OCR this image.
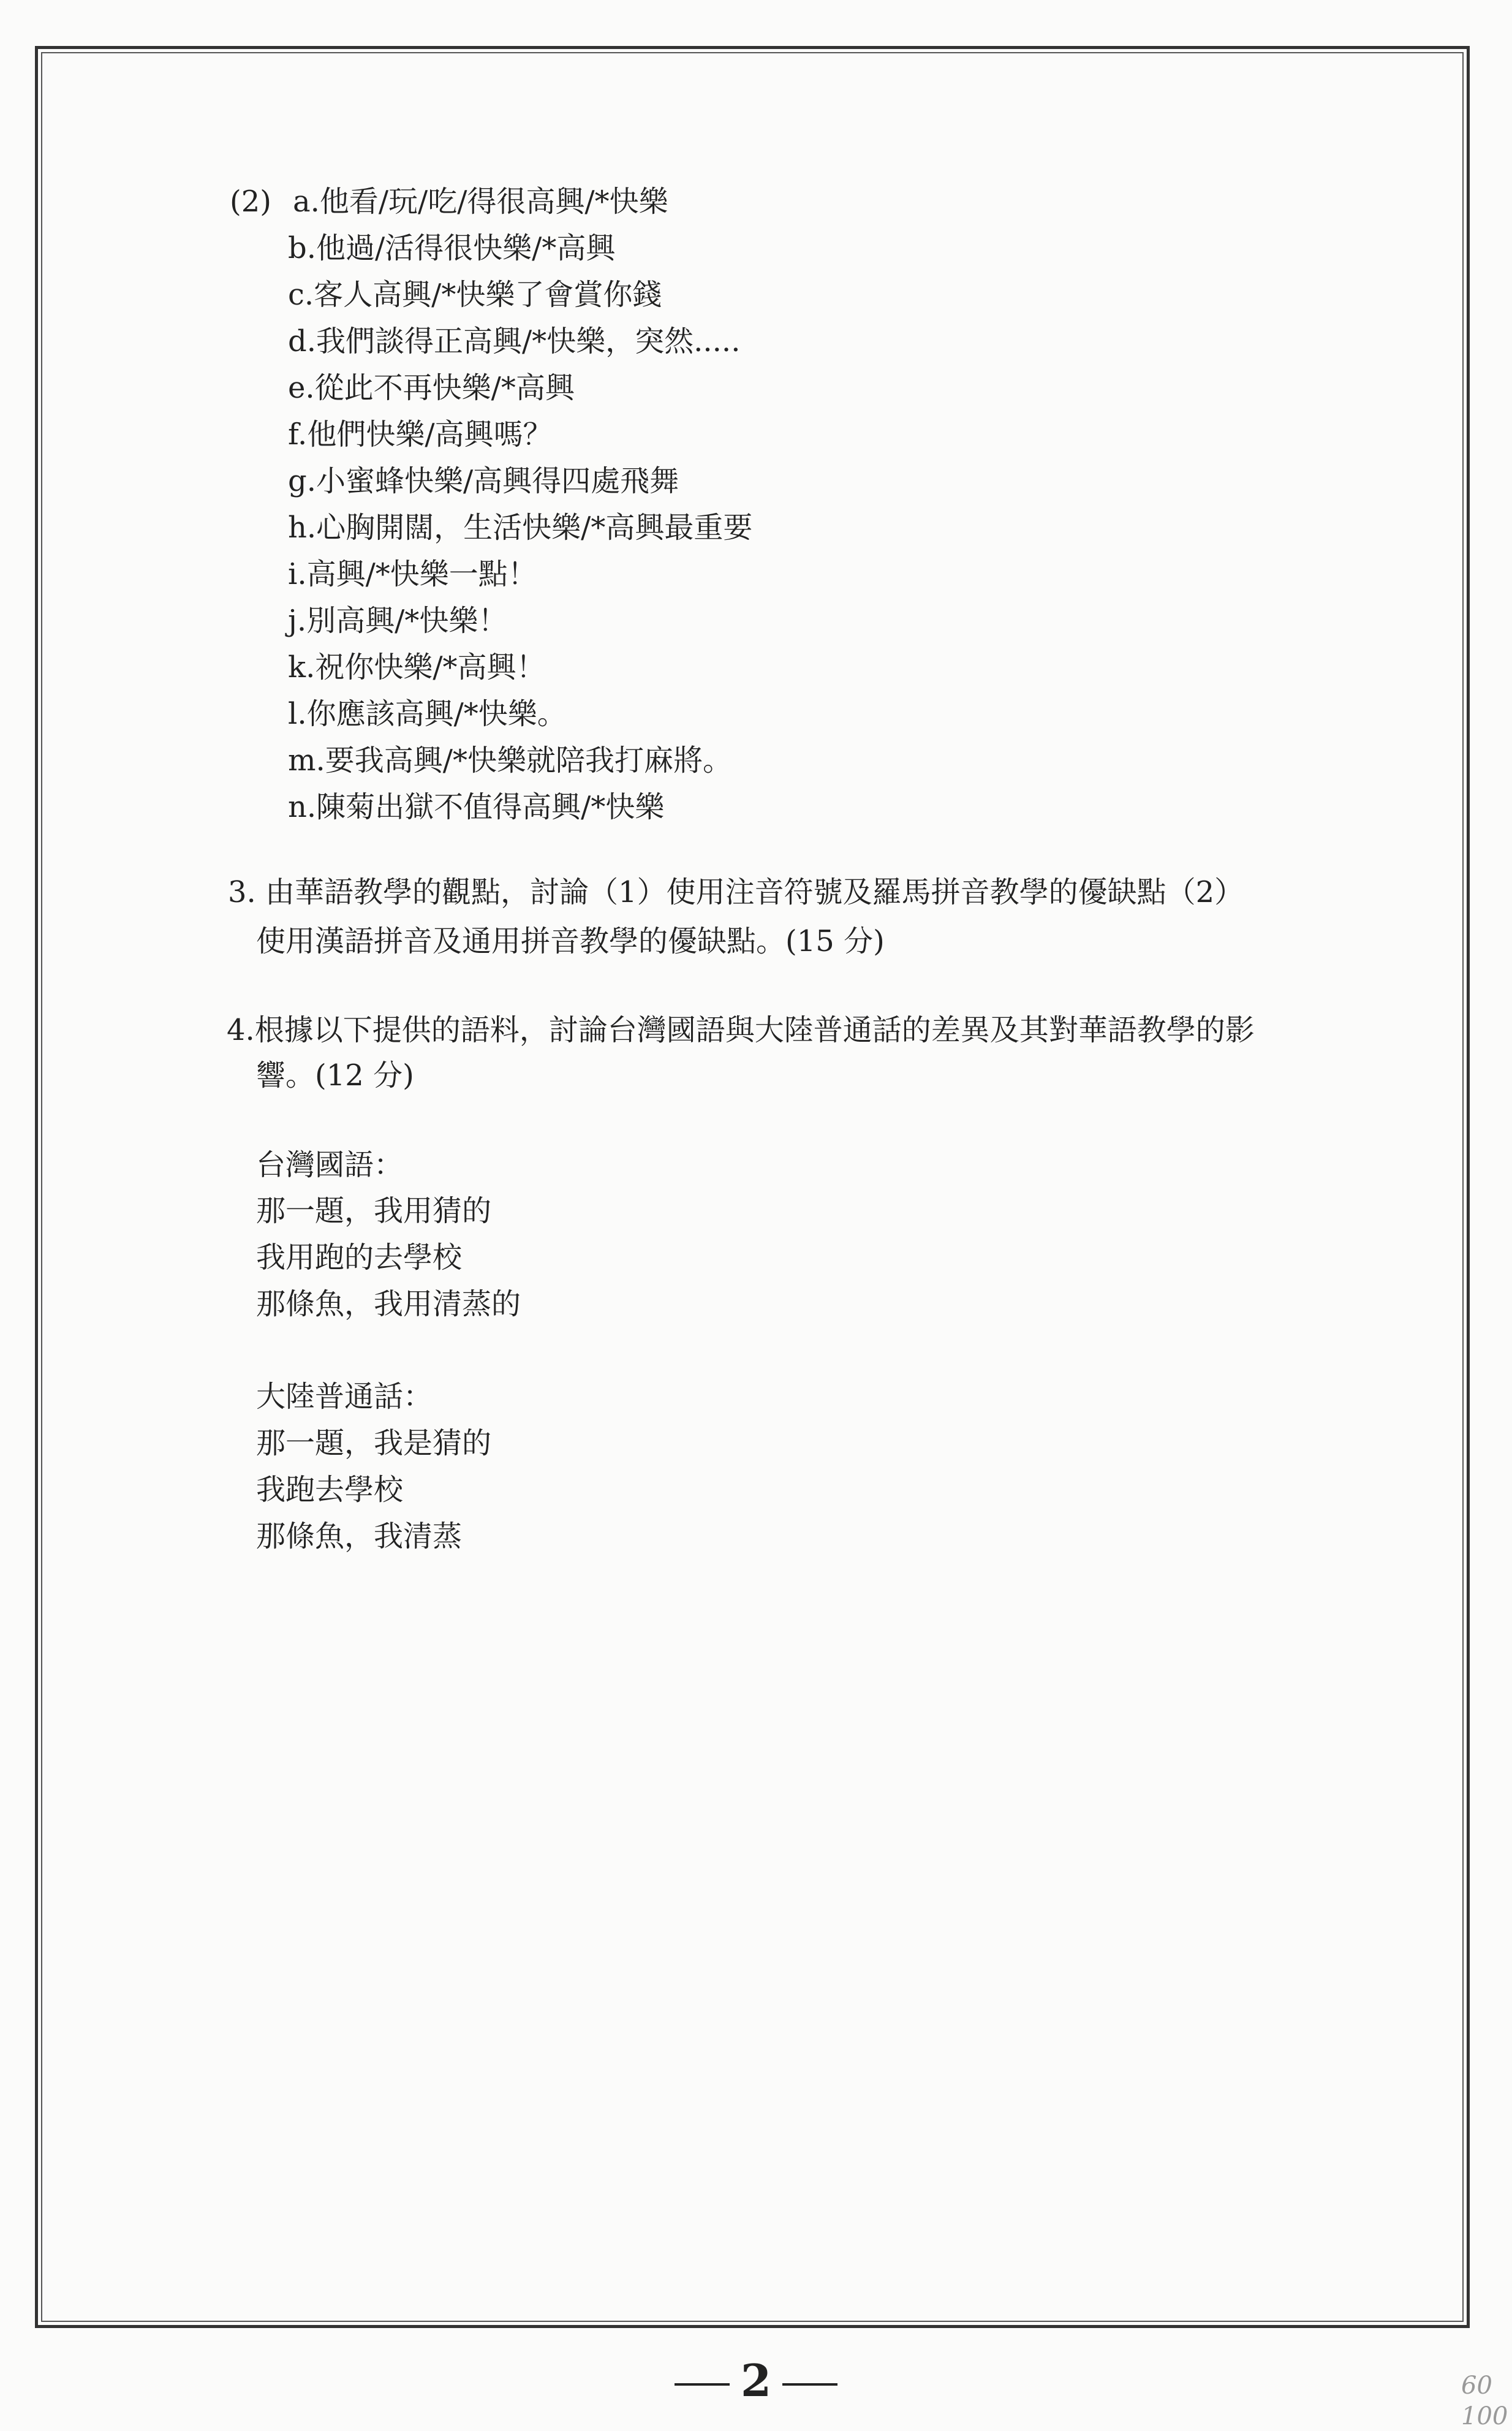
(2) a.他看/玩/吃/得很高興/*快樂
b.他過/活得很快樂/*高興
c.客人高興/*快樂了會賞你錢
d.我們談得正高興/*快樂，突然.....
e.從此不再快樂/*高興
f.他們快樂/高興嗎？
g.小蜜蜂快樂/高興得四處飛舞
h.心胸開闊，生活快樂/*高興最重要
i.高興/*快樂一點！
j.別高興/*快樂！
k.祝你快樂/*高興！
l.你應該高興/*快樂。
m.要我高興/*快樂就陪我打麻將。
n.陳菊出獄不值得高興/*快樂
3. 由華語教學的觀點，討論（1）使用注音符號及羅馬拼音教學的優缺點（2）
使用漢語拼音及通用拼音教學的優缺點。(15 分)
4.根據以下提供的語料，討論台灣國語與大陸普通話的差異及其對華語教學的影
響。(12 分)
台灣國語：
那一題，我用猜的
我用跑的去學校
那條魚，我用清蒸的
大陸普通話：
那一題，我是猜的
我跑去學校
那條魚，我清蒸
2	60
100
